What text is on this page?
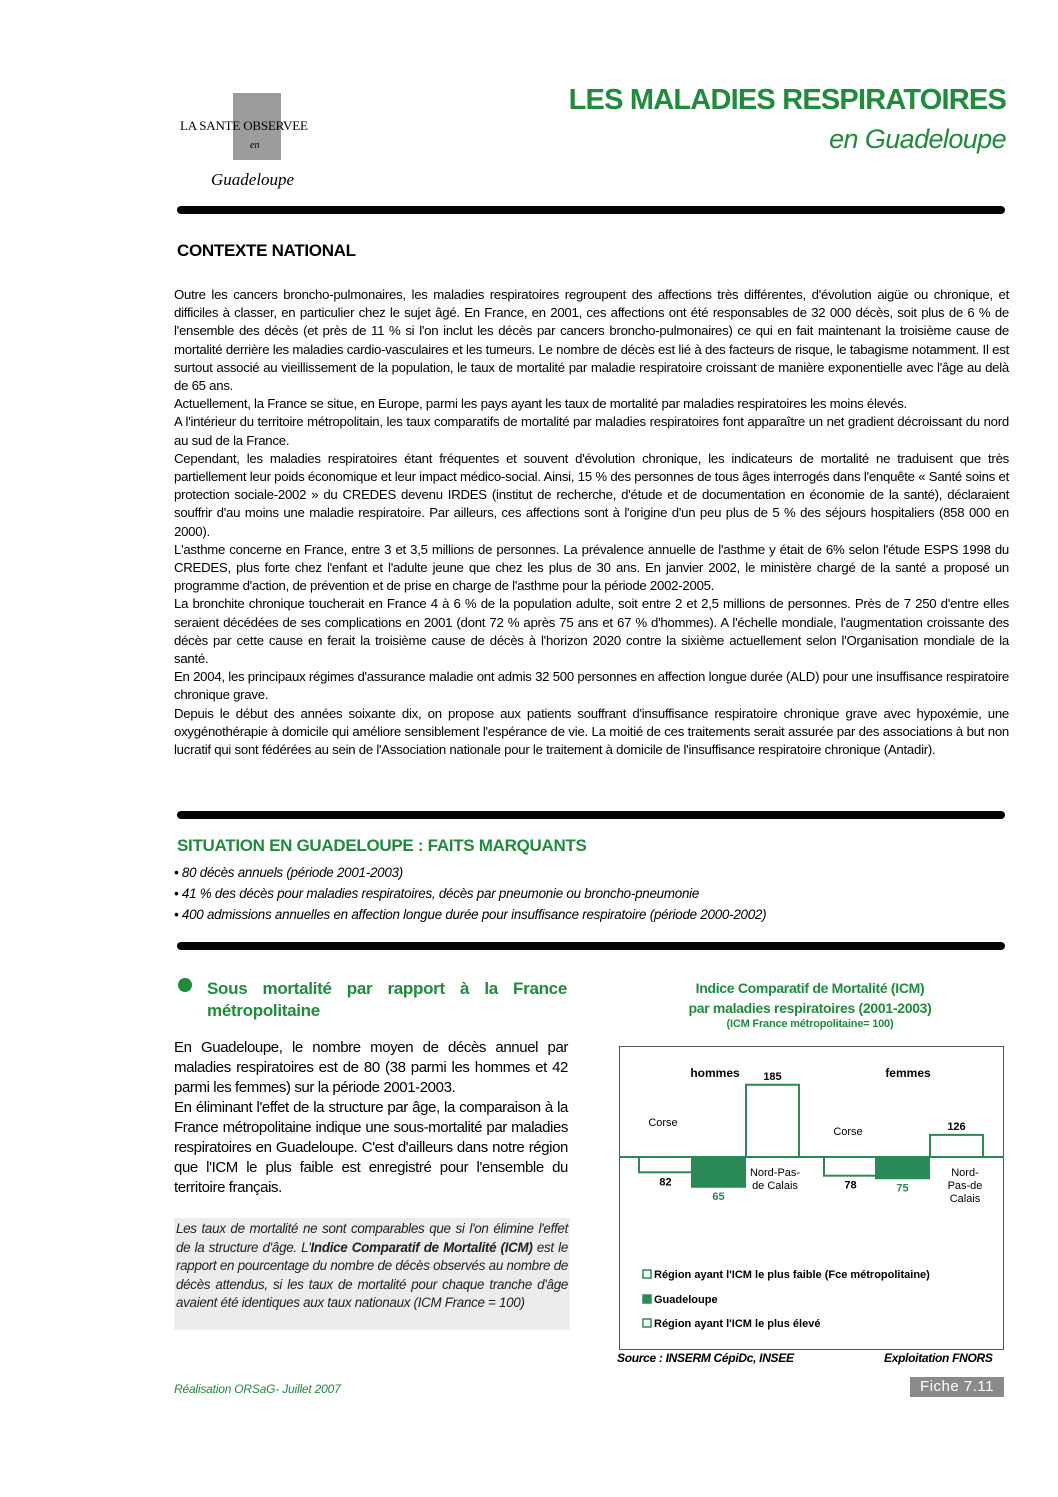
LA SANTE OBSERVEE
en
Guadeloupe
LES MALADIES RESPIRATOIRES
en Guadeloupe
CONTEXTE NATIONAL

Outre les cancers broncho-pulmonaires, les maladies respiratoires regroupent des affections très différentes, d'évolution aigüe ou chronique, et difficiles à classer, en particulier chez le sujet âgé. En France, en 2001, ces affections ont été responsables de 32 000 décès, soit plus de 6 % de l'ensemble des décès (et près de 11 % si l'on inclut les décès par cancers broncho-pulmonaires) ce qui en fait maintenant la troisième cause de mortalité derrière les maladies cardio-vasculaires et les tumeurs. Le nombre de décès est lié à des facteurs de risque, le tabagisme notamment. Il est surtout associé au vieillissement de la population, le taux de mortalité par maladie respiratoire croissant de manière exponentielle avec l'âge au delà de 65 ans.

Actuellement, la France se situe, en Europe, parmi les pays ayant les taux de mortalité par maladies respiratoires les moins élevés.

A l'intérieur du territoire métropolitain, les taux comparatifs de mortalité par maladies respiratoires font apparaître un net gradient décroissant du nord au sud de la France.

Cependant, les maladies respiratoires étant fréquentes et souvent d'évolution chronique, les indicateurs de mortalité ne traduisent que très partiellement leur poids économique et leur impact médico-social. Ainsi, 15 % des personnes de tous âges interrogés dans l'enquête « Santé soins et protection sociale-2002 » du CREDES devenu IRDES (institut de recherche, d'étude et de documentation en économie de la santé), déclaraient souffrir d'au moins une maladie respiratoire. Par ailleurs, ces affections sont à l'origine d'un peu plus de 5 % des séjours hospitaliers (858 000 en 2000).

L'asthme concerne en France, entre 3 et 3,5 millions de personnes. La prévalence annuelle de l'asthme y était de 6% selon l'étude ESPS 1998 du CREDES, plus forte chez l'enfant et l'adulte jeune que chez les plus de 30 ans. En janvier 2002, le ministère chargé de la santé a proposé un programme d'action, de prévention et de prise en charge de l'asthme pour la période 2002-2005.

La bronchite chronique toucherait en France 4 à 6 % de la population adulte, soit entre 2 et 2,5 millions de personnes. Près de 7 250 d'entre elles seraient décédées de ses complications en 2001 (dont 72 % après 75 ans et 67 % d'hommes). A l'échelle mondiale, l'augmentation croissante des décès par cette cause en ferait la troisième cause de décès à l'horizon 2020 contre la sixième actuellement selon l'Organisation mondiale de la santé.

En 2004, les principaux régimes d'assurance maladie ont admis 32 500 personnes en affection longue durée (ALD) pour une insuffisance respiratoire chronique grave.

Depuis le début des années soixante dix, on propose aux patients souffrant d'insuffisance respiratoire chronique grave avec hypoxémie, une oxygénothérapie à domicile qui améliore sensiblement l'espérance de vie. La moitié de ces traitements serait assurée par des associations à but non lucratif qui sont fédérées au sein de l'Association nationale pour le traitement à domicile de l'insuffisance respiratoire chronique (Antadir).

SITUATION EN GUADELOUPE : FAITS MARQUANTS
• 80 décès annuels (période 2001-2003)
• 41 % des décès pour maladies respiratoires, décès par pneumonie ou broncho-pneumonie
• 400 admissions annuelles en affection longue durée pour insuffisance respiratoire (période 2000-2002)
Sous mortalité par rapport à la France métropolitaine

En Guadeloupe, le nombre moyen de décès annuel par maladies respiratoires est de 80 (38 parmi les hommes et 42 parmi les femmes) sur la période 2001-2003.

En éliminant l'effet de la structure par âge, la comparaison à la France métropolitaine indique une sous-mortalité par maladies respiratoires en Guadeloupe. C'est d'ailleurs dans notre région que l'ICM le plus faible est enregistré pour l'ensemble du territoire français.

Les taux de mortalité ne sont comparables que si l'on élimine l'effet de la structure d'âge. L'Indice Comparatif de Mortalité (ICM) est le rapport en pourcentage du nombre de décès observés au nombre de décès attendus, si les taux de mortalité pour chaque tranche d'âge avaient été identiques aux taux nationaux (ICM France = 100)
Indice Comparatif de Mortalité (ICM)
par maladies respiratoires (2001-2003)
(ICM France métropolitaine= 100)
hommes	femmes
82
65
185
78	75
126
Corse
Corse
Nord-Pas-
de Calais
Nord-
Pas-de
Calais
Région ayant l'ICM le plus faible (Fce métropolitaine)
Guadeloupe
Région ayant l'ICM le plus élevé
Source : INSERM CépiDc, INSEE	Exploitation FNORS
Réalisation ORSaG- Juillet 2007	Fiche 7.11
